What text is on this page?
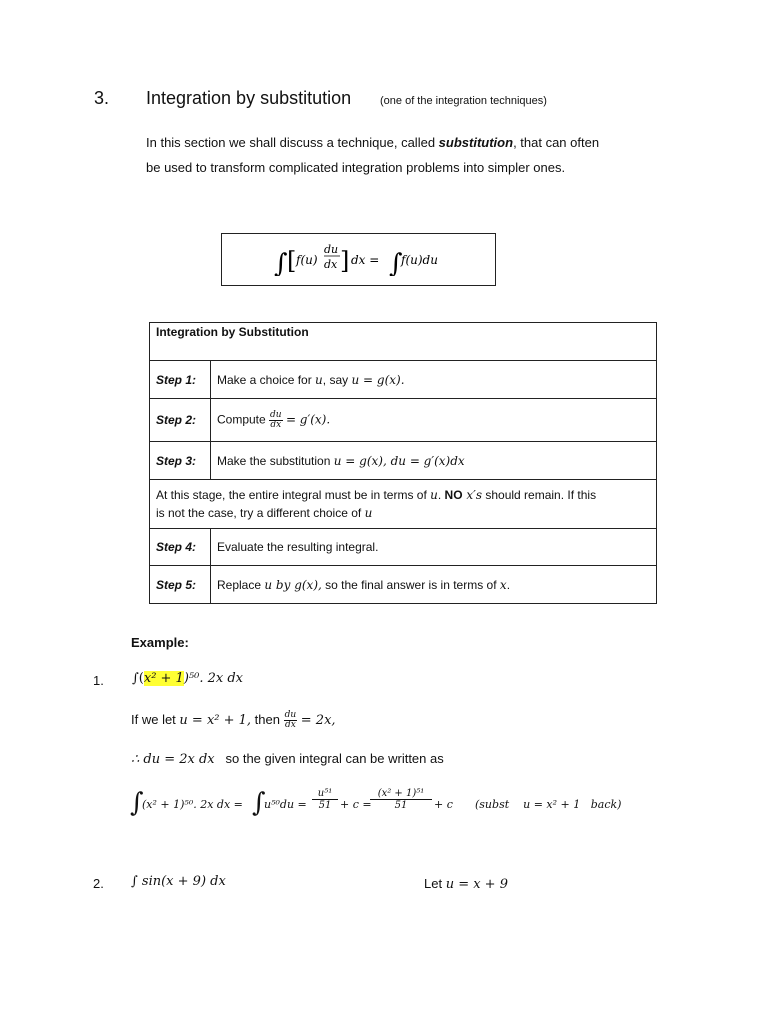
3. Integration by substitution	(one of the integration techniques)
In this section we shall discuss a technique, called substitution, that can often
be used to transform complicated integration problems into simpler ones.
∫ [ f(u)
du
dx ] dx = ∫
f(u)du
Integration by Substitution	
Step 1:	Make a choice for u, say u = g(x).
Step 2:	Compute $\frac{du}{dx} = g'(x)$.
Step 3:	Make the substitution u = g(x), du = g′(x)dx
At this stage, the entire integral must be in terms of u. NO x′s should remain. If this
is not the case, try a different choice of u	
Step 4:	Evaluate the resulting integral.
Step 5:	Replace u by g(x), so the final answer is in terms of x.
Example:
1. ∫(x² + 1)⁵⁰. 2x dx
If we let u = x² + 1, then $\frac{du}{dx} = 2x$,
∴ du = 2x dx so the given integral can be written as
∫
(x² + 1)⁵⁰. 2x dx = ∫
u⁵⁰du =
u⁵¹
51 + c =
(x² + 1)⁵¹
51	+ c (subst    u = x² + 1   back)
2. ∫ sin(x + 9) dx	Let u = x + 9
